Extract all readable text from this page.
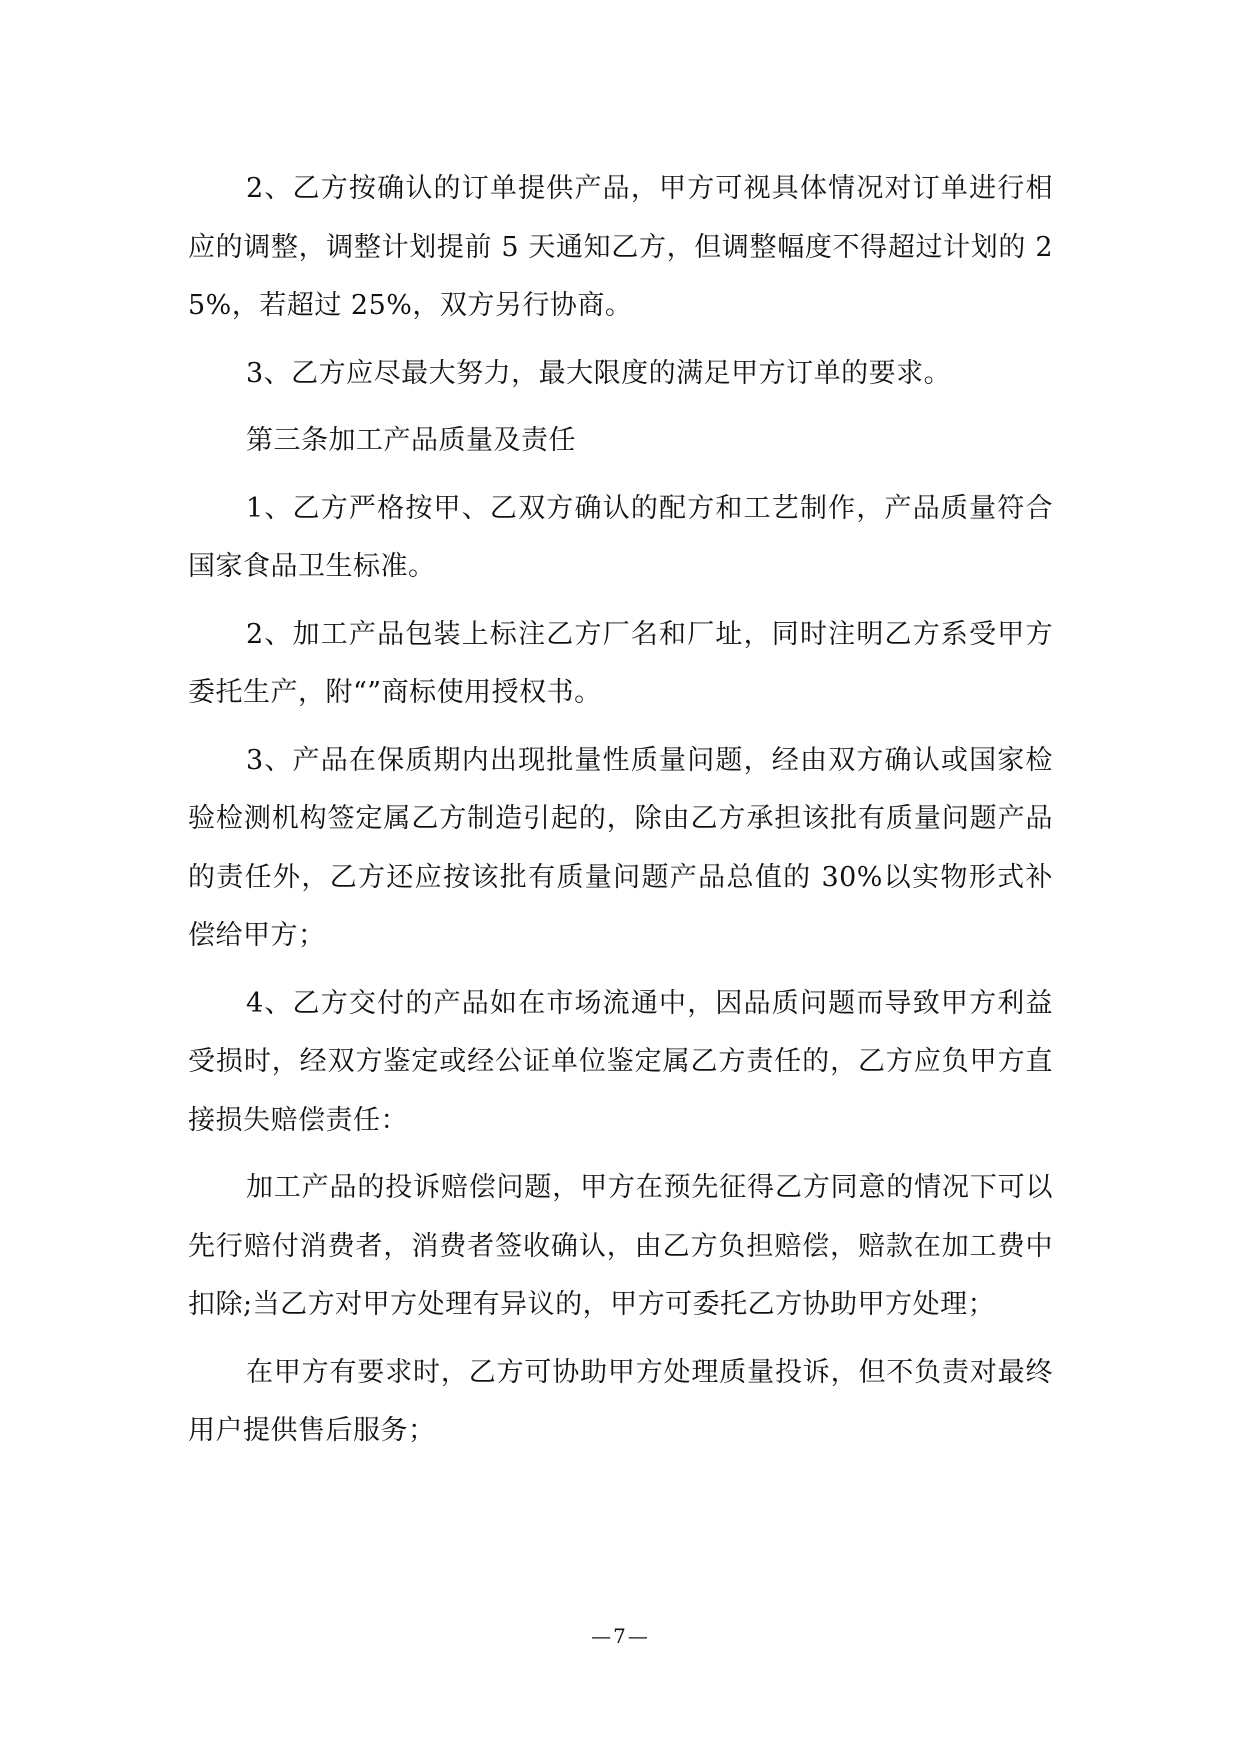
2、乙方按确认的订单提供产品，甲方可视具体情况对订单进行相应的调整，调整计划提前 5 天通知乙方，但调整幅度不得超过计划的 25%，若超过 25%，双方另行协商。

3、乙方应尽最大努力，最大限度的满足甲方订单的要求。

第三条加工产品质量及责任

1、乙方严格按甲、乙双方确认的配方和工艺制作，产品质量符合国家食品卫生标准。

2、加工产品包装上标注乙方厂名和厂址，同时注明乙方系受甲方委托生产，附“”商标使用授权书。

3、产品在保质期内出现批量性质量问题，经由双方确认或国家检验检测机构签定属乙方制造引起的，除由乙方承担该批有质量问题产品的责任外，乙方还应按该批有质量问题产品总值的 30%以实物形式补偿给甲方；

4、乙方交付的产品如在市场流通中，因品质问题而导致甲方利益受损时，经双方鉴定或经公证单位鉴定属乙方责任的，乙方应负甲方直接损失赔偿责任：

加工产品的投诉赔偿问题，甲方在预先征得乙方同意的情况下可以先行赔付消费者，消费者签收确认，由乙方负担赔偿，赔款在加工费中扣除;当乙方对甲方处理有异议的，甲方可委托乙方协助甲方处理；

在甲方有要求时，乙方可协助甲方处理质量投诉，但不负责对最终用户提供售后服务；

—7—
